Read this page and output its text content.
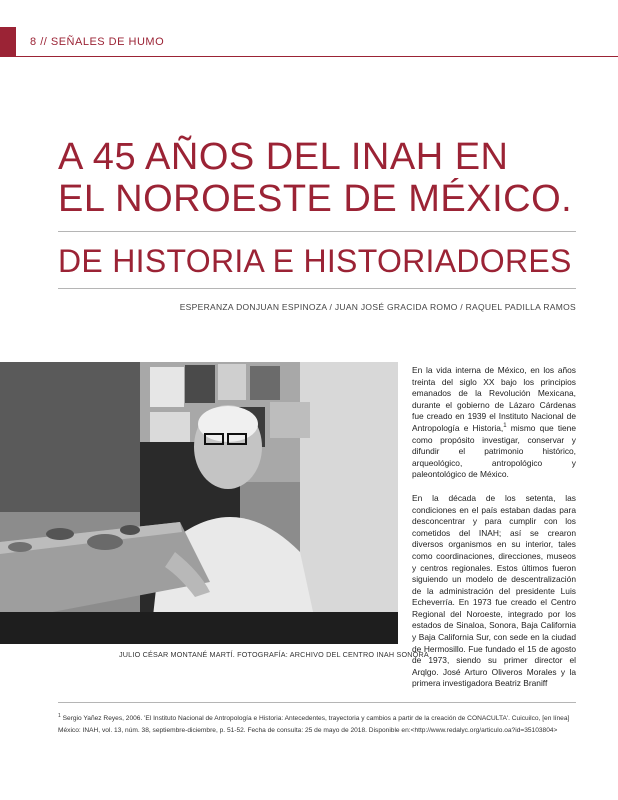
8 // SEÑALES DE HUMO
A 45 AÑOS DEL INAH EN
EL NOROESTE DE MÉXICO.
DE HISTORIA E HISTORIADORES
ESPERANZA DONJUAN ESPINOZA / JUAN JOSÉ GRACIDA ROMO / RAQUEL PADILLA RAMOS
JULIO CÉSAR MONTANÉ MARTÍ. FOTOGRAFÍA: ARCHIVO DEL CENTRO INAH SONORA

En la vida interna de México, en los años treinta del siglo XX bajo los principios emanados de la Revolución Mexicana, durante el gobierno de Lázaro Cárdenas fue creado en 1939 el Instituto Nacional de Antropología e Historia,$^1$ mismo que tiene como propósito investigar, conservar y difundir el patrimonio histórico, arqueológico, antropológico y paleontológico de México.

En la década de los setenta, las condiciones en el país estaban dadas para desconcentrar y para cumplir con los cometidos del INAH; así se crearon diversos organismos en su interior, tales como coordinaciones, direcciones, museos y centros regionales. Estos últimos fueron siguiendo un modelo de descentralización de la administración del presidente Luis Echeverría. En 1973 fue creado el Centro Regional del Noroeste, integrado por los estados de Sinaloa, Sonora, Baja California y Baja California Sur, con sede en la ciudad de Hermosillo. Fue fundado el 15 de agosto de 1973, siendo su primer director el Arqlgo. José Arturo Oliveros Morales y la primera investigadora Beatriz Braniff

$^1$ Sergio Yañez Reyes, 2006. 'El Instituto Nacional de Antropología e Historia: Antecedentes, trayectoria y cambios a partir de la creación de CONACULTA'. Cuicuilco, [en línea] México: INAH, vol. 13, núm. 38, septiembre-diciembre, p. 51-52. Fecha de consulta: 25 de mayo de 2018. Disponible en:<http://www.redalyc.org/articulo.oa?id=35103804>
